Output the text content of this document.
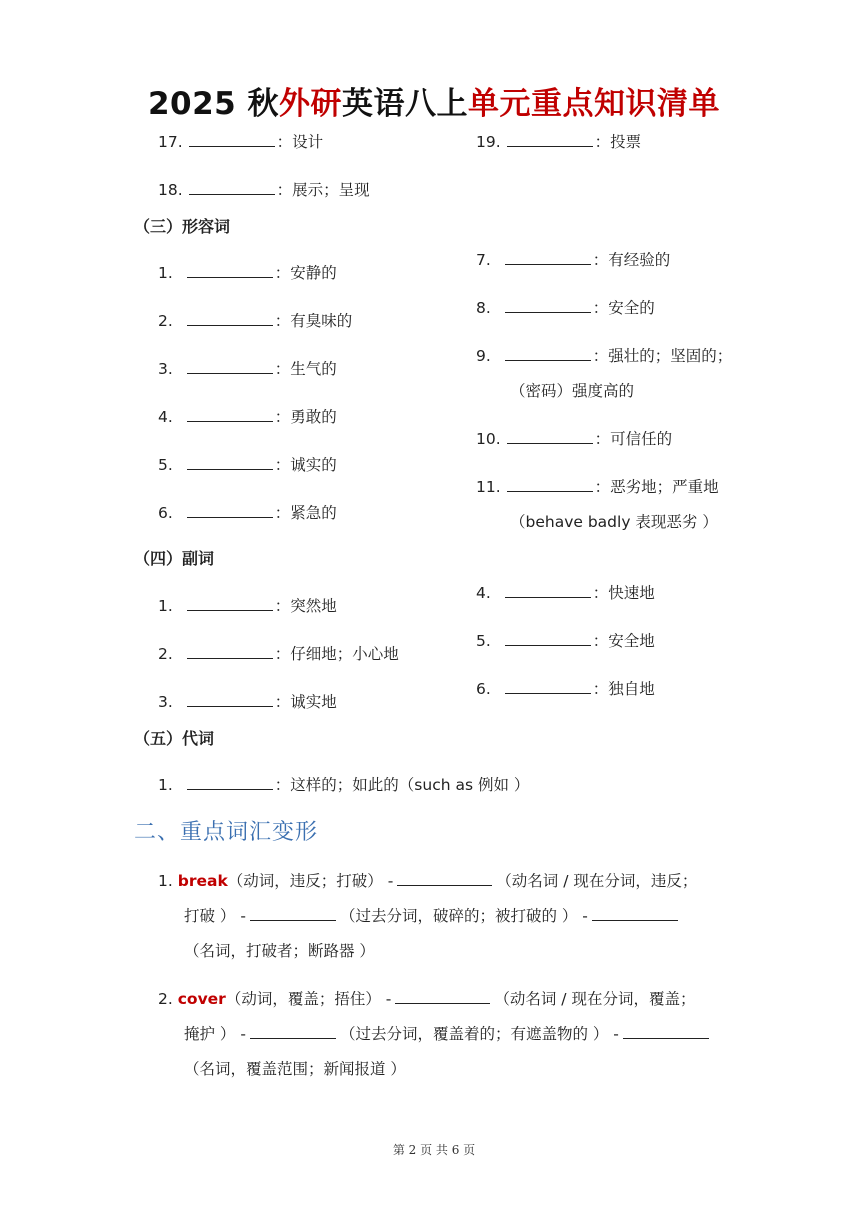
2025 秋外研英语八上单元重点知识清单
17.	：设计
18.	：展示；呈现
19.	：投票
（三）形容词
1.	：安静的
2.	：有臭味的
3.	：生气的
4.	：勇敢的
5.	：诚实的
6.	：紧急的
7.	：有经验的
8.	：安全的
9.	：强壮的；坚固的；
（密码）强度高的
10.	：可信任的
11.	：恶劣地；严重地
（behave badly 表现恶劣 ）
（四）副词
1.	：突然地
2.	：仔细地；小心地
3.	：诚实地
4.	：快速地
5.	：安全地
6.	：独自地
（五）代词
1.	：这样的；如此的（such as 例如 ）
二、重点词汇变形
1. break（动词，违反；打破） -	（动名词 / 现在分词，违反；
打破 ） -	（过去分词，破碎的；被打破的 ） -
（名词，打破者；断路器 ）
2. cover（动词，覆盖；捂住） -	（动名词 / 现在分词，覆盖；
掩护 ） -	（过去分词，覆盖着的；有遮盖物的 ） -
（名词，覆盖范围；新闻报道 ）
第 2 页 共 6 页
